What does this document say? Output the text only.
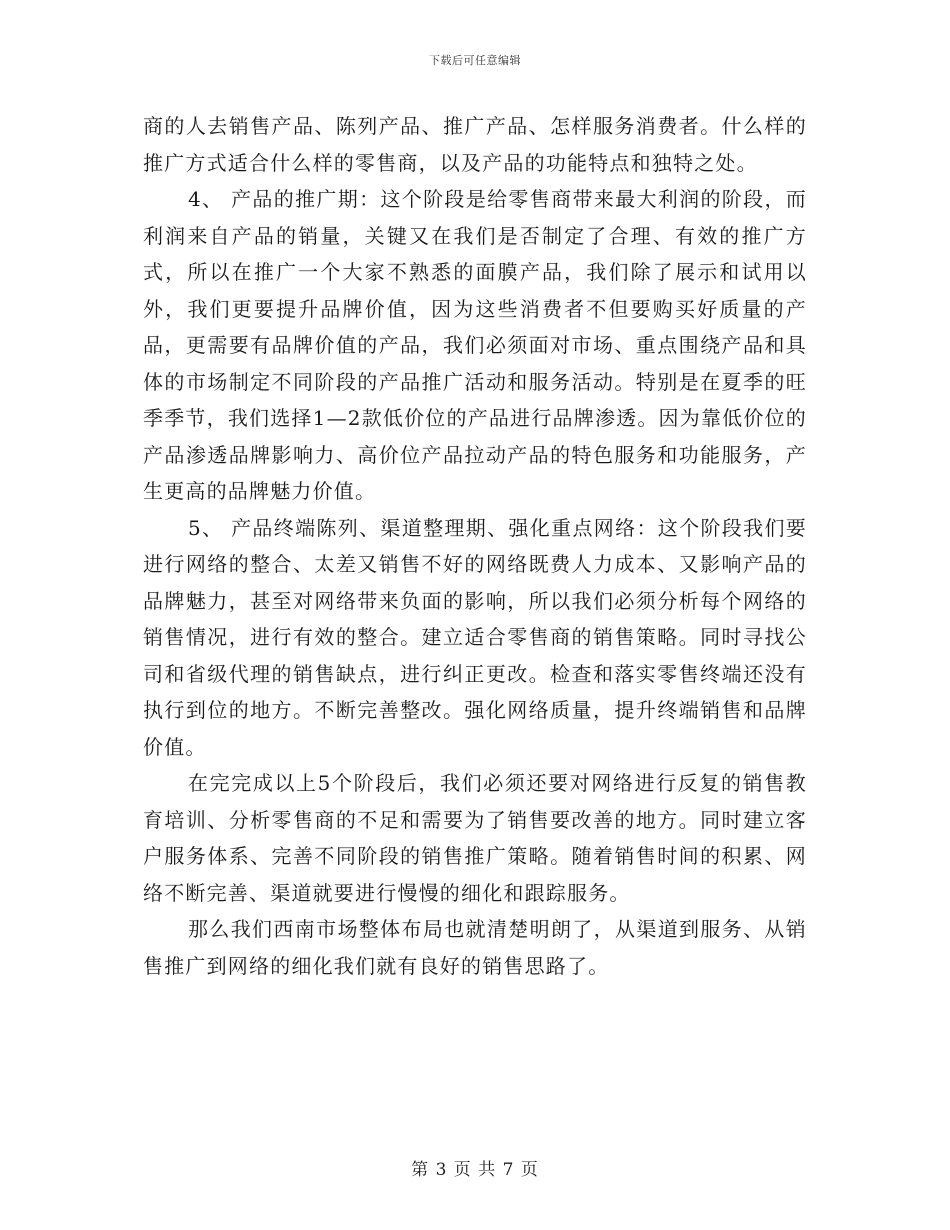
下载后可任意编辑

商的人去销售产品、陈列产品、推广产品、怎样服务消费者。什么样的推广方式适合什么样的零售商，以及产品的功能特点和独特之处。

4、 产品的推广期：这个阶段是给零售商带来最大利润的阶段，而利润来自产品的销量，关键又在我们是否制定了合理、有效的推广方式，所以在推广一个大家不熟悉的面膜产品，我们除了展示和试用以外，我们更要提升品牌价值，因为这些消费者不但要购买好质量的产品，更需要有品牌价值的产品，我们必须面对市场、重点围绕产品和具体的市场制定不同阶段的产品推广活动和服务活动。特别是在夏季的旺季季节，我们选择1—2款低价位的产品进行品牌渗透。因为靠低价位的产品渗透品牌影响力、高价位产品拉动产品的特色服务和功能服务，产生更高的品牌魅力价值。

5、 产品终端陈列、渠道整理期、强化重点网络：这个阶段我们要进行网络的整合、太差又销售不好的网络既费人力成本、又影响产品的品牌魅力，甚至对网络带来负面的影响，所以我们必须分析每个网络的销售情况，进行有效的整合。建立适合零售商的销售策略。同时寻找公司和省级代理的销售缺点，进行纠正更改。检查和落实零售终端还没有执行到位的地方。不断完善整改。强化网络质量，提升终端销售和品牌价值。

在完完成以上5个阶段后，我们必须还要对网络进行反复的销售教育培训、分析零售商的不足和需要为了销售要改善的地方。同时建立客户服务体系、完善不同阶段的销售推广策略。随着销售时间的积累、网络不断完善、渠道就要进行慢慢的细化和跟踪服务。

那么我们西南市场整体布局也就清楚明朗了，从渠道到服务、从销售推广到网络的细化我们就有良好的销售思路了。

第 3 页 共 7 页
